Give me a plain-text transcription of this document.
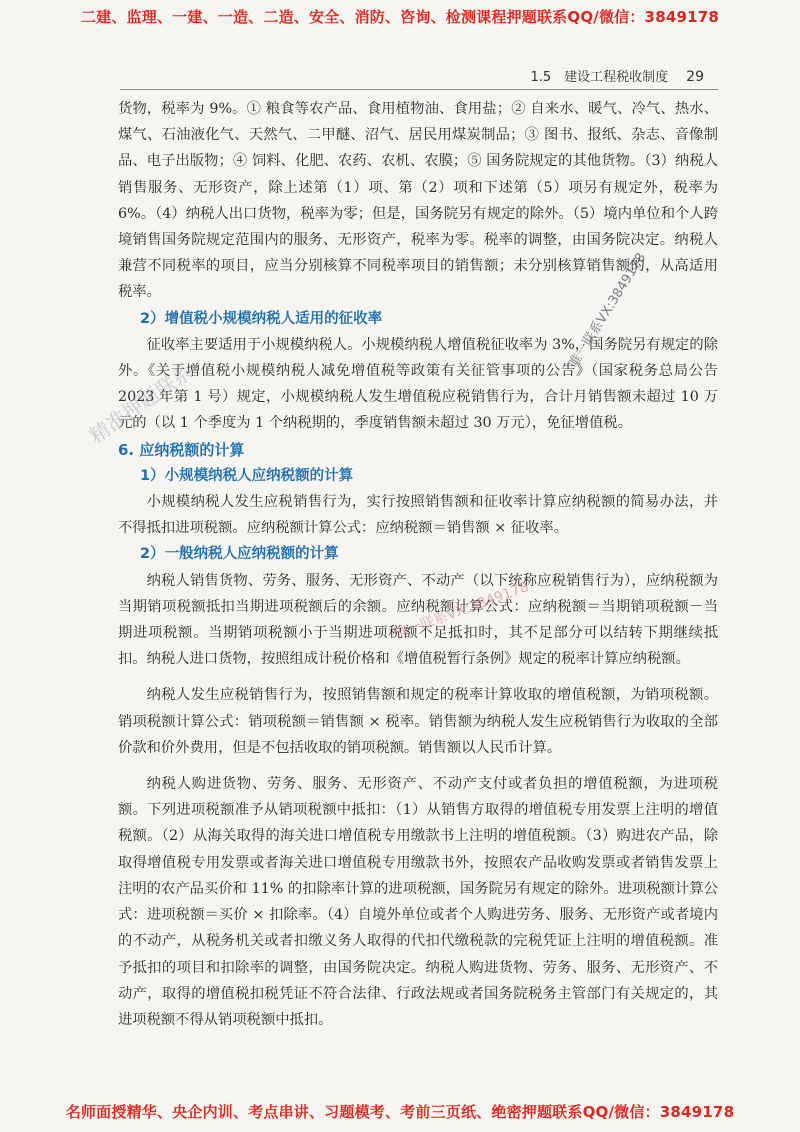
二建、监理、一建、一造、二造、安全、消防、咨询、检测课程押题联系QQ/微信：3849178
1.5　建设工程税收制度 29

货物，税率为 9%。① 粮食等农产品、食用植物油、食用盐；② 自来水、暖气、冷气、热水、煤气、石油液化气、天然气、二甲醚、沼气、居民用煤炭制品；③ 图书、报纸、杂志、音像制品、电子出版物；④ 饲料、化肥、农药、农机、农膜；⑤ 国务院规定的其他货物。（3）纳税人销售服务、无形资产，除上述第（1）项、第（2）项和下述第（5）项另有规定外，税率为 6%。（4）纳税人出口货物，税率为零；但是，国务院另有规定的除外。（5）境内单位和个人跨境销售国务院规定范围内的服务、无形资产，税率为零。税率的调整，由国务院决定。纳税人兼营不同税率的项目，应当分别核算不同税率项目的销售额；未分别核算销售额的，从高适用税率。

2）增值税小规模纳税人适用的征收率

征收率主要适用于小规模纳税人。小规模纳税人增值税征收率为 3%，国务院另有规定的除外。《关于增值税小规模纳税人减免增值税等政策有关征管事项的公告》（国家税务总局公告 2023 年第 1 号）规定，小规模纳税人发生增值税应税销售行为，合计月销售额未超过 10 万元的（以 1 个季度为 1 个纳税期的，季度销售额未超过 30 万元），免征增值税。

6. 应纳税额的计算
1）小规模纳税人应纳税额的计算

小规模纳税人发生应税销售行为，实行按照销售额和征收率计算应纳税额的简易办法，并不得抵扣进项税额。应纳税额计算公式：应纳税额＝销售额 × 征收率。

2）一般纳税人应纳税额的计算

纳税人销售货物、劳务、服务、无形资产、不动产（以下统称应税销售行为），应纳税额为当期销项税额抵扣当期进项税额后的余额。应纳税额计算公式：应纳税额＝当期销项税额－当期进项税额。当期销项税额小于当期进项税额不足抵扣时，其不足部分可以结转下期继续抵扣。纳税人进口货物，按照组成计税价格和《增值税暂行条例》规定的税率计算应纳税额。

纳税人发生应税销售行为，按照销售额和规定的税率计算收取的增值税额，为销项税额。销项税额计算公式：销项税额＝销售额 × 税率。销售额为纳税人发生应税销售行为收取的全部价款和价外费用，但是不包括收取的销项税额。销售额以人民币计算。

纳税人购进货物、劳务、服务、无形资产、不动产支付或者负担的增值税额，为进项税额。下列进项税额准予从销项税额中抵扣：（1）从销售方取得的增值税专用发票上注明的增值税额。（2）从海关取得的海关进口增值税专用缴款书上注明的增值税额。（3）购进农产品，除取得增值税专用发票或者海关进口增值税专用缴款书外，按照农产品收购发票或者销售发票上注明的农产品买价和 11% 的扣除率计算的进项税额，国务院另有规定的除外。进项税额计算公式：进项税额＝买价 × 扣除率。（4）自境外单位或者个人购进劳务、服务、无形资产或者境内的不动产，从税务机关或者扣缴义务人取得的代扣代缴税款的完税凭证上注明的增值税额。准予抵扣的项目和扣除率的调整，由国务院决定。纳税人购进货物、劳务、服务、无形资产、不动产，取得的增值税扣税凭证不符合法律、行政法规或者国务院税务主管部门有关规定的，其进项税额不得从销项税额中抵扣。

唯一联系VX:3849178
精准押题联系
唯一联系VX:3849178
名师面授精华、央企内训、考点串讲、习题模考、考前三页纸、绝密押题联系QQ/微信：3849178
